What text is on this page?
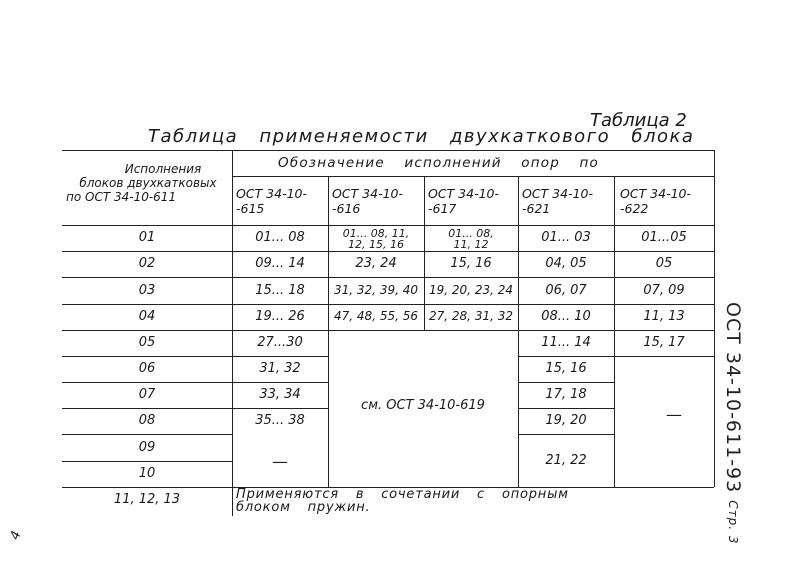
Таблица 2
Таблица применяемости двухкаткового блока
Исполнения
блоков двухкатковых
по ОСТ 34-10-611
Обозначение исполнений опор по
ОСТ 34-10-
-615
ОСТ 34-10-
-616
ОСТ 34-10-
-617
ОСТ 34-10-
-621
ОСТ 34-10-
-622
01
02
03
04
05
06
07
08
09
10
01... 08
09... 14
15... 18
19... 26
27...30
31, 32
33, 34
35... 38
—
01... 08, 11,
12, 15, 16
23, 24
31, 32, 39, 40
47, 48, 55, 56
01... 08,
11, 12
15, 16
19, 20, 23, 24
27, 28, 31, 32
см. ОСТ 34-10-619
01... 03
04, 05
06, 07
08... 10
11... 14
15, 16
17, 18
19, 20
21, 22
01...05
05
07, 09
11, 13
15, 17
—
11, 12, 13	Применяются в сочетании с опорным
блоком пружин.
ОСТ 34-10-611-93 Стр. 3
4
